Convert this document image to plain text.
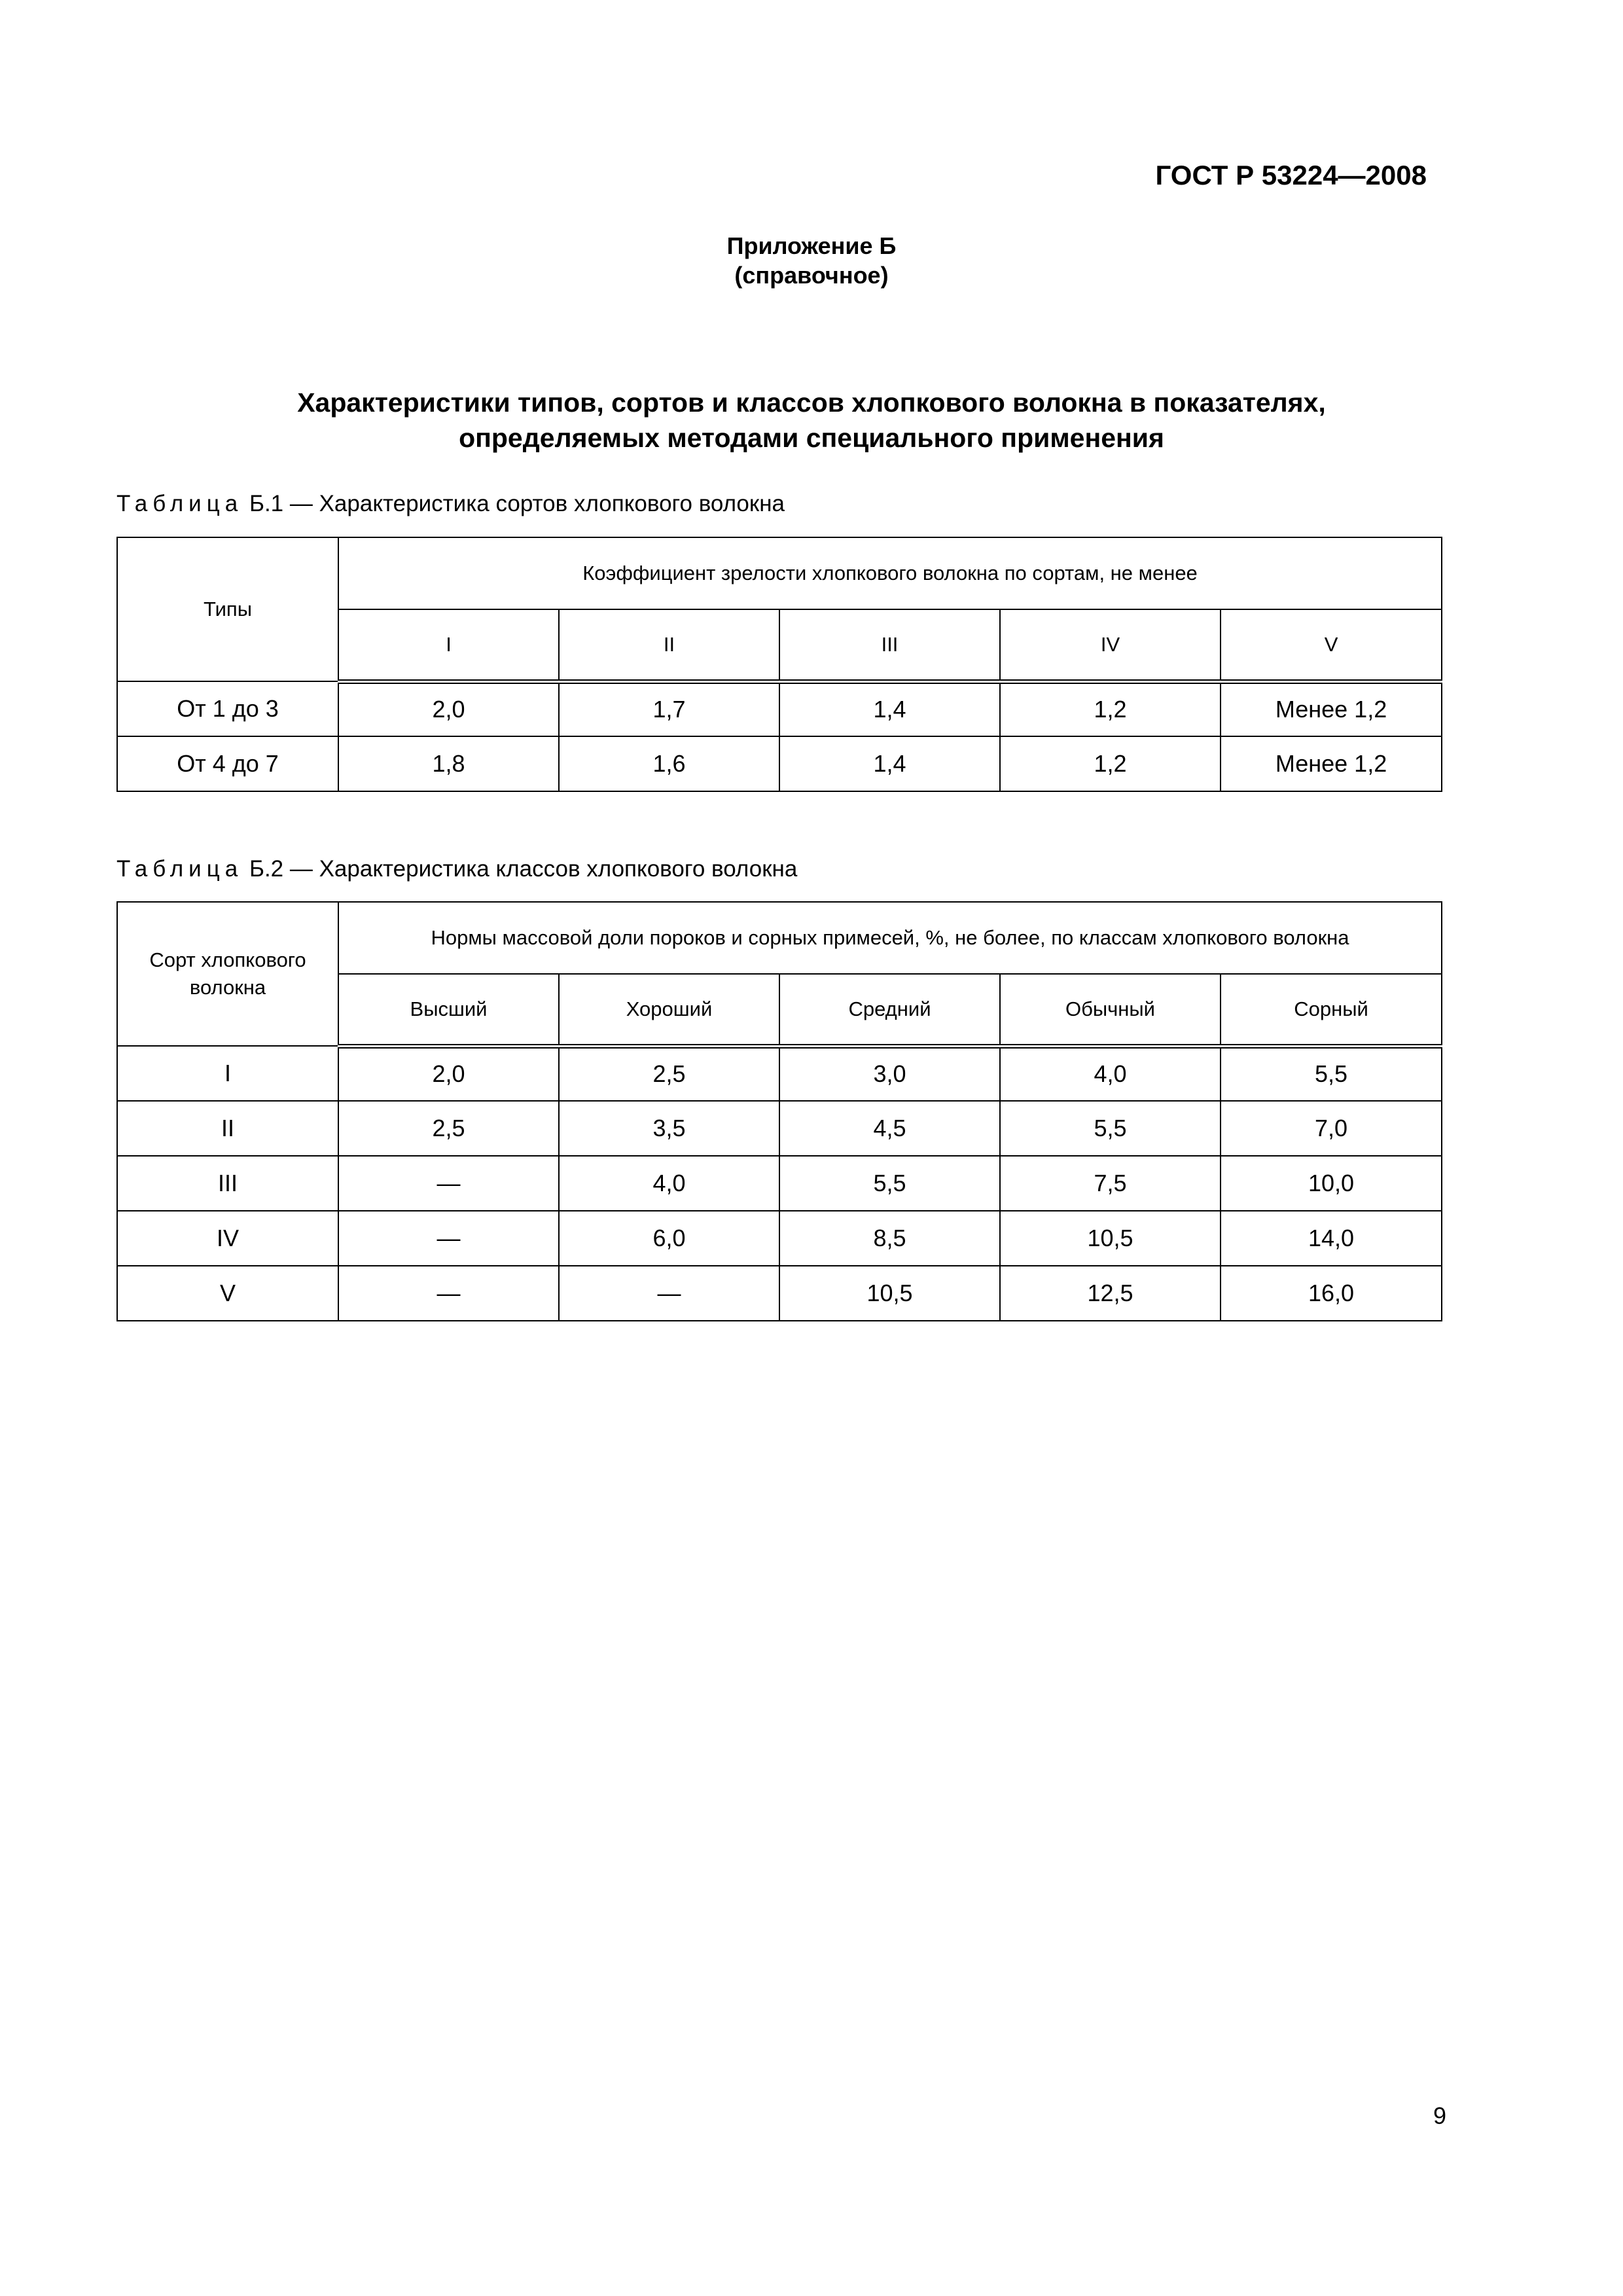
ГОСТ Р 53224—2008
Приложение Б
(справочное)
Характеристики типов, сортов и классов хлопкового волокна в показателях,
определяемых методами специального применения
Таблица Б.1 — Характеристика сортов хлопкового волокна
Типы	Коэффициент зрелости хлопкового волокна по сортам, не менее				
	I	II	III	IV	V
От 1 до 3	2,0	1,7	1,4	1,2	Менее 1,2
От 4 до 7	1,8	1,6	1,4	1,2	Менее 1,2
Таблица Б.2 — Характеристика классов хлопкового волокна
Сорт хлопкового волокна	Нормы массовой доли пороков и сорных примесей, %, не более, по классам хлопкового волокна				
	Высший	Хороший	Средний	Обычный	Сорный
I	2,0	2,5	3,0	4,0	5,5
II	2,5	3,5	4,5	5,5	7,0
III	—	4,0	5,5	7,5	10,0
IV	—	6,0	8,5	10,5	14,0
V	—	—	10,5	12,5	16,0
9
